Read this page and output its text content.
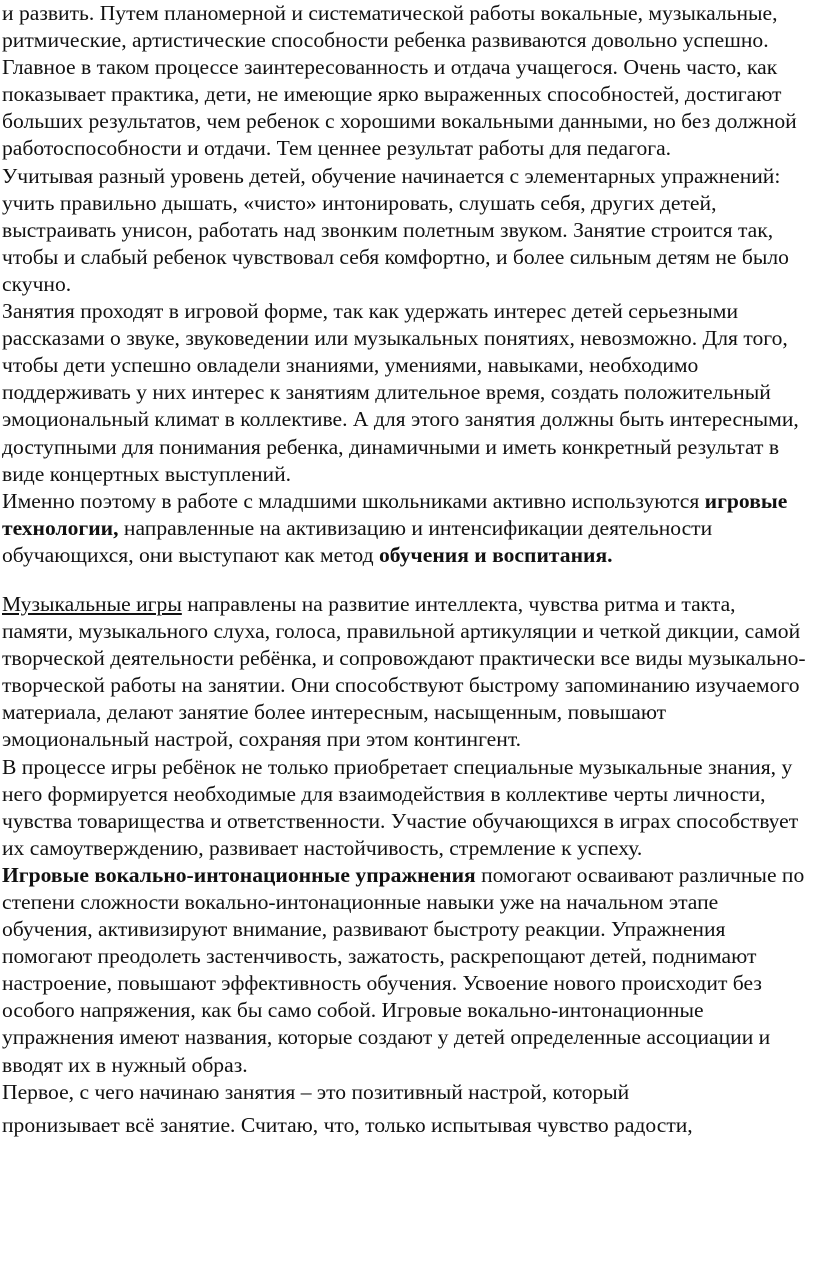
и развить. Путем планомерной и систематической работы вокальные, музыкальные, ритмические, артистические способности ребенка развиваются довольно успешно. Главное в таком процессе заинтересованность и отдача учащегося. Очень часто, как показывает практика, дети, не имеющие ярко выраженных способностей, достигают больших результатов, чем ребенок с хорошими вокальными данными, но без должной работоспособности и отдачи. Тем ценнее результат работы для педагога.

Учитывая разный уровень детей, обучение начинается с элементарных упражнений: учить правильно дышать, «чисто» интонировать, слушать себя, других детей, выстраивать унисон, работать над звонким полетным звуком. Занятие строится так, чтобы и слабый ребенок чувствовал себя комфортно, и более сильным детям не было скучно.

Занятия проходят в игровой форме, так как удержать интерес детей серьезными рассказами о звуке, звуковедении или музыкальных понятиях, невозможно. Для того, чтобы дети успешно овладели знаниями, умениями, навыками, необходимо поддерживать у них интерес к занятиям длительное время, создать положительный эмоциональный климат в коллективе. А для этого занятия должны быть интересными, доступными для понимания ребенка, динамичными и иметь конкретный результат в виде концертных выступлений.

Именно поэтому в работе с младшими школьниками активно используются игровые технологии, направленные на активизацию и интенсификации деятельности обучающихся, они выступают как метод обучения и воспитания.

Музыкальные игры направлены на развитие интеллекта, чувства ритма и такта, памяти, музыкального слуха, голоса, правильной артикуляции и четкой дикции, самой творческой деятельности ребёнка, и сопровождают практически все виды музыкально-творческой работы на занятии. Они способствуют быстрому запоминанию изучаемого материала, делают занятие более интересным, насыщенным, повышают эмоциональный настрой, сохраняя при этом контингент.

В процессе игры ребёнок не только приобретает специальные музыкальные знания, у него формируется необходимые для взаимодействия в коллективе черты личности, чувства товарищества и ответственности. Участие обучающихся в играх способствует их самоутверждению, развивает настойчивость, стремление к успеху.

Игровые вокально-интонационные упражнения помогают осваивают различные по степени сложности вокально-интонационные навыки уже на начальном этапе обучения, активизируют внимание, развивают быстроту реакции. Упражнения помогают преодолеть застенчивость, зажатость, раскрепощают детей, поднимают настроение, повышают эффективность обучения. Усвоение нового происходит без особого напряжения, как бы само собой. Игровые вокально-интонационные упражнения имеют названия, которые создают у детей определенные ассоциации и вводят их в нужный образ.

Первое, с чего начинаю занятия – это позитивный настрой, который

пронизывает всё занятие. Считаю, что, только испытывая чувство радости,
